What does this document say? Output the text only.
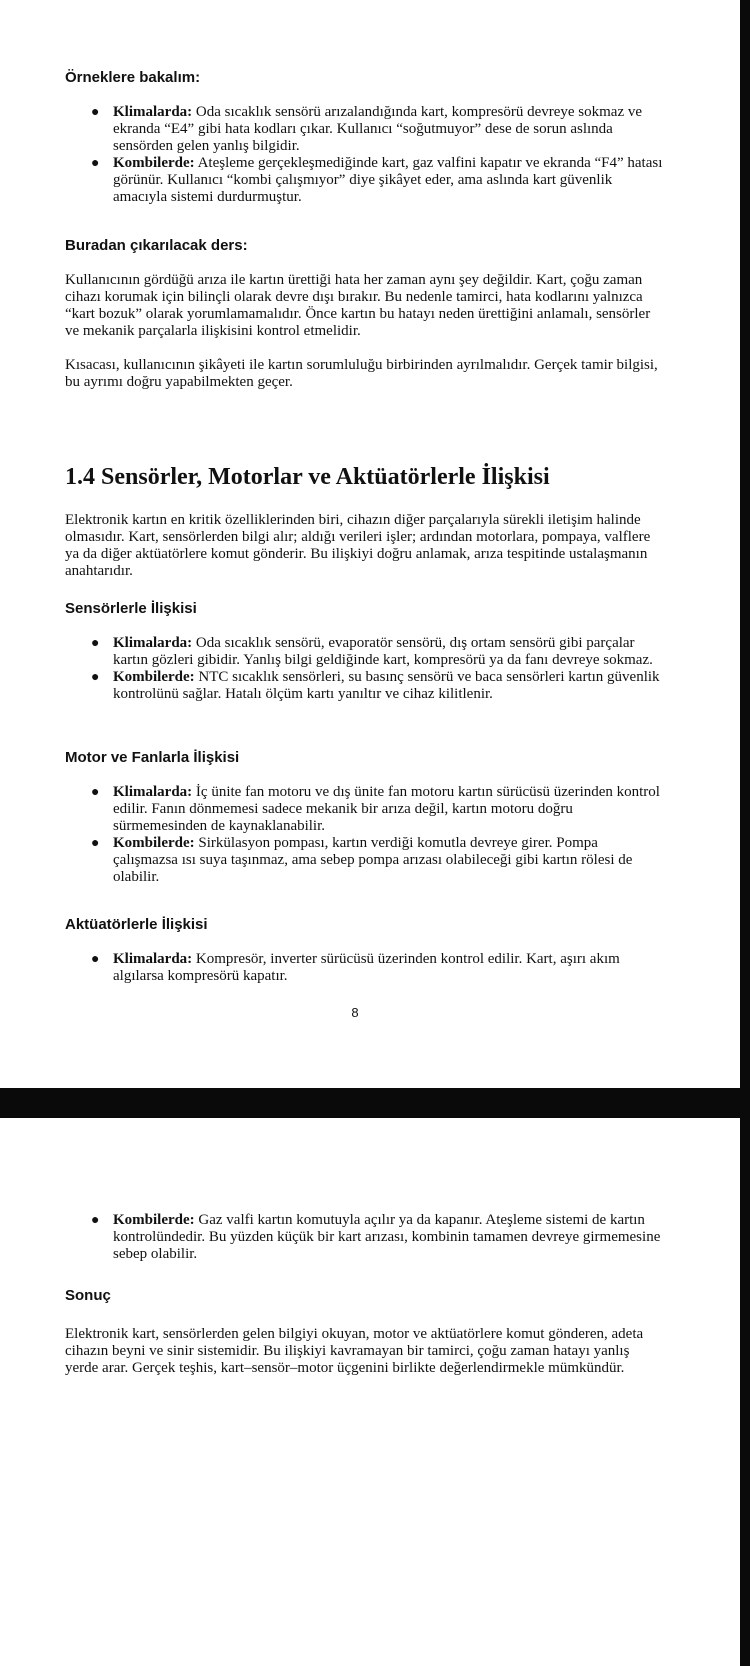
Örneklere bakalım:
● Klimalarda: Oda sıcaklık sensörü arızalandığında kart, kompresörü devreye sokmaz ve ekranda “E4” gibi hata kodları çıkar. Kullanıcı “soğutmuyor” dese de sorun aslında sensörden gelen yanlış bilgidir.
● Kombilerde: Ateşleme gerçekleşmediğinde kart, gaz valfini kapatır ve ekranda “F4” hatası görünür. Kullanıcı “kombi çalışmıyor” diye şikâyet eder, ama aslında kart güvenlik amacıyla sistemi durdurmuştur.
Buradan çıkarılacak ders:

Kullanıcının gördüğü arıza ile kartın ürettiği hata her zaman aynı şey değildir. Kart, çoğu zaman cihazı korumak için bilinçli olarak devre dışı bırakır. Bu nedenle tamirci, hata kodlarını yalnızca “kart bozuk” olarak yorumlamamalıdır. Önce kartın bu hatayı neden ürettiğini anlamalı, sensörler ve mekanik parçalarla ilişkisini kontrol etmelidir.

Kısacası, kullanıcının şikâyeti ile kartın sorumluluğu birbirinden ayrılmalıdır. Gerçek tamir bilgisi, bu ayrımı doğru yapabilmekten geçer.

1.4 Sensörler, Motorlar ve Aktüatörlerle İlişkisi

Elektronik kartın en kritik özelliklerinden biri, cihazın diğer parçalarıyla sürekli iletişim halinde olmasıdır. Kart, sensörlerden bilgi alır; aldığı verileri işler; ardından motorlara, pompaya, valflere ya da diğer aktüatörlere komut gönderir. Bu ilişkiyi doğru anlamak, arıza tespitinde ustalaşmanın anahtarıdır.

Sensörlerle İlişkisi
● Klimalarda: Oda sıcaklık sensörü, evaporatör sensörü, dış ortam sensörü gibi parçalar kartın gözleri gibidir. Yanlış bilgi geldiğinde kart, kompresörü ya da fanı devreye sokmaz.
● Kombilerde: NTC sıcaklık sensörleri, su basınç sensörü ve baca sensörleri kartın güvenlik kontrolünü sağlar. Hatalı ölçüm kartı yanıltır ve cihaz kilitlenir.
Motor ve Fanlarla İlişkisi
● Klimalarda: İç ünite fan motoru ve dış ünite fan motoru kartın sürücüsü üzerinden kontrol edilir. Fanın dönmemesi sadece mekanik bir arıza değil, kartın motoru doğru sürmemesinden de kaynaklanabilir.
● Kombilerde: Sirkülasyon pompası, kartın verdiği komutla devreye girer. Pompa çalışmazsa ısı suya taşınmaz, ama sebep pompa arızası olabileceği gibi kartın rölesi de olabilir.
Aktüatörlerle İlişkisi
● Klimalarda: Kompresör, inverter sürücüsü üzerinden kontrol edilir. Kart, aşırı akım algılarsa kompresörü kapatır.
8
● Kombilerde: Gaz valfi kartın komutuyla açılır ya da kapanır. Ateşleme sistemi de kartın kontrolündedir. Bu yüzden küçük bir kart arızası, kombinin tamamen devreye girmemesine sebep olabilir.
Sonuç

Elektronik kart, sensörlerden gelen bilgiyi okuyan, motor ve aktüatörlere komut gönderen, adeta cihazın beyni ve sinir sistemidir. Bu ilişkiyi kavramayan bir tamirci, çoğu zaman hatayı yanlış yerde arar. Gerçek teşhis, kart–sensör–motor üçgenini birlikte değerlendirmekle mümkündür.
